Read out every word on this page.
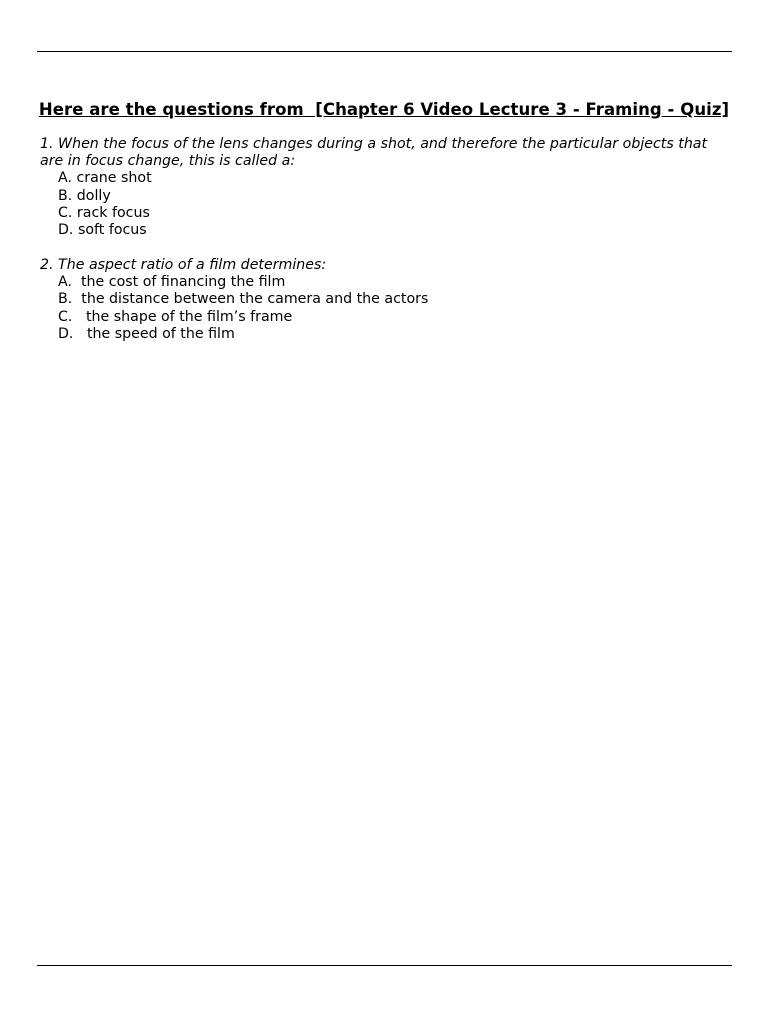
Here are the questions from  [Chapter 6 Video Lecture 3 - Framing - Quiz]

1. When the focus of the lens changes during a shot, and therefore the particular objects that are in focus change, this is called a:

A. crane shot
B. dolly
C. rack focus
D. soft focus

2. The aspect ratio of a film determines:

A.  the cost of financing the film
B.  the distance between the camera and the actors
C.   the shape of the film’s frame
D.   the speed of the film
